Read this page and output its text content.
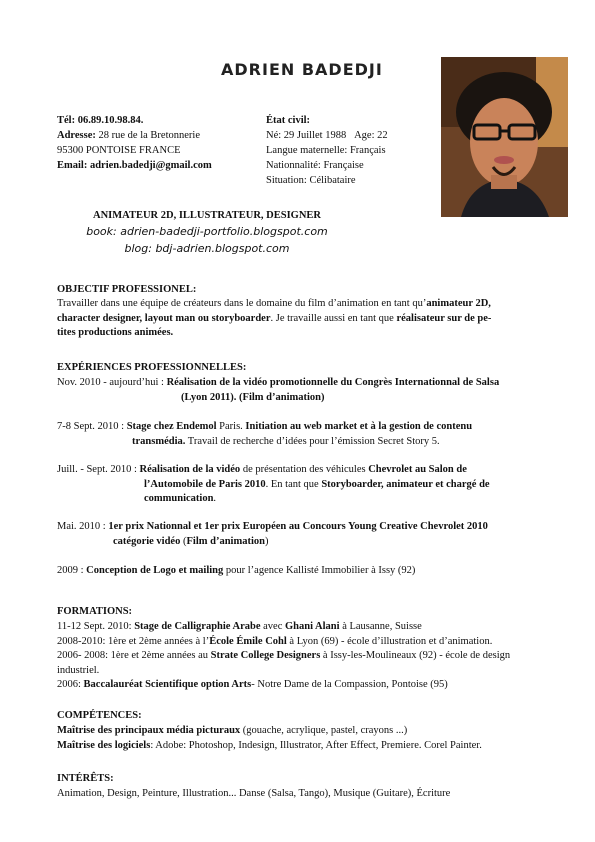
ADRIEN BADEDJI
Tél: 06.89.10.98.84.
Adresse: 28 rue de la Bretonnerie
95300 PONTOISE FRANCE
Email: adrien.badedji@gmail.com
État civil:
Né: 29 Juillet 1988 Age: 22
Langue maternelle: Français
Nationnalité: Française
Situation: Célibataire
ANIMATEUR 2D, ILLUSTRATEUR, DESIGNER
book: adrien-badedji-portfolio.blogspot.com
blog: bdj-adrien.blogspot.com
OBJECTIF PROFESSIONEL:
Travailler dans une équipe de créateurs dans le domaine du film d’animation en tant qu’animateur 2D,
character designer, layout man ou storyboarder. Je travaille aussi en tant que réalisateur sur de pe-
tites productions animées.
EXPÉRIENCES PROFESSIONNELLES:
Nov. 2010 - aujourd’hui : Réalisation de la vidéo promotionnelle du Congrès Internationnal de Salsa
(Lyon 2011). (Film d’animation)
7-8 Sept. 2010 : Stage chez Endemol Paris. Initiation au web market et à la gestion de contenu
transmédia. Travail de recherche d’idées pour l’émission Secret Story 5.
Juill. - Sept. 2010 : Réalisation de la vidéo de présentation des véhicules Chevrolet au Salon de
l’Automobile de Paris 2010. En tant que Storyboarder, animateur et chargé de
communication.
Mai. 2010 : 1er prix Nationnal et 1er prix Européen au Concours Young Creative Chevrolet 2010
catégorie vidéo (Film d’animation)
2009 : Conception de Logo et mailing pour l’agence Kallisté Immobilier à Issy (92)
FORMATIONS:
11-12 Sept. 2010: Stage de Calligraphie Arabe avec Ghani Alani à Lausanne, Suisse
2008-2010: 1ère et 2ème années à l’École Émile Cohl à Lyon (69) - école d’illustration et d’animation.
2006- 2008: 1ère et 2ème années au Strate College Designers à Issy-les-Moulineaux (92) - école de design
industriel.
2006: Baccalauréat Scientifique option Arts- Notre Dame de la Compassion, Pontoise (95)
COMPÉTENCES:
Maîtrise des principaux média picturaux (gouache, acrylique, pastel, crayons ...)
Maîtrise des logiciels: Adobe: Photoshop, Indesign, Illustrator, After Effect, Premiere. Corel Painter.
INTÉRÊTS:
Animation, Design, Peinture, Illustration... Danse (Salsa, Tango), Musique (Guitare), Écriture
